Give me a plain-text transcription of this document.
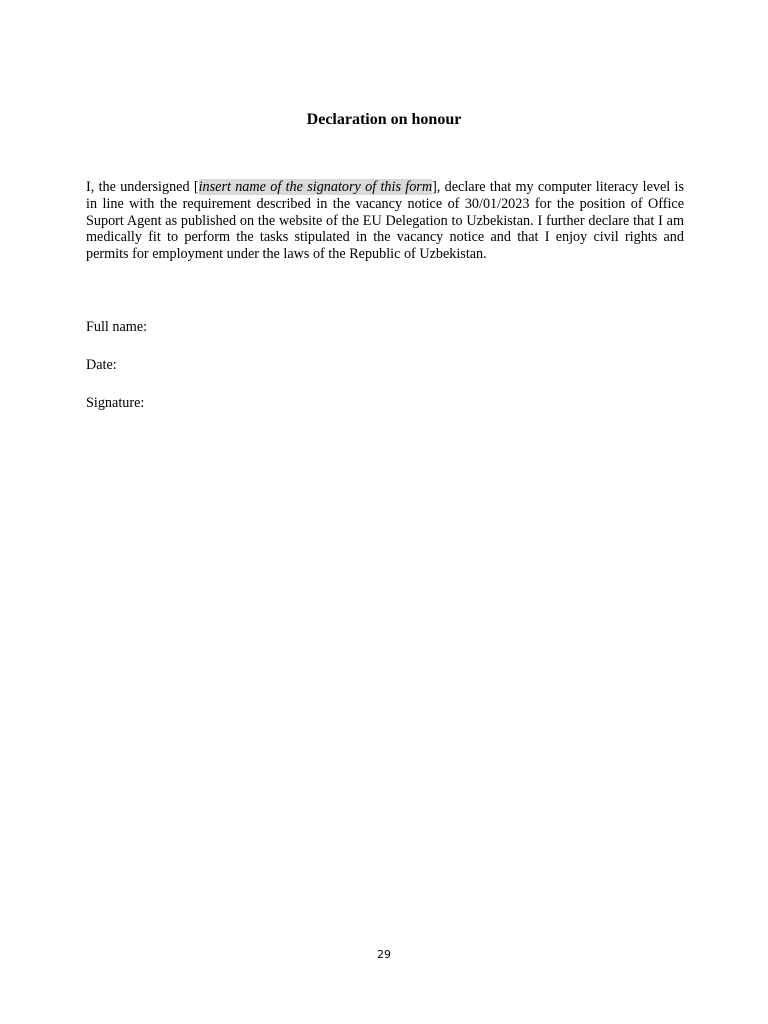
Declaration on honour

I, the undersigned [insert name of the signatory of this form], declare that my computer literacy level is in line with the requirement described in the vacancy notice of 30/01/2023 for the position of Office Suport Agent as published on the website of the EU Delegation to Uzbekistan. I further declare that I am medically fit to perform the tasks stipulated in the vacancy notice and that I enjoy civil rights and permits for employment under the laws of the Republic of Uzbekistan.

Full name:
Date:
Signature:
29
